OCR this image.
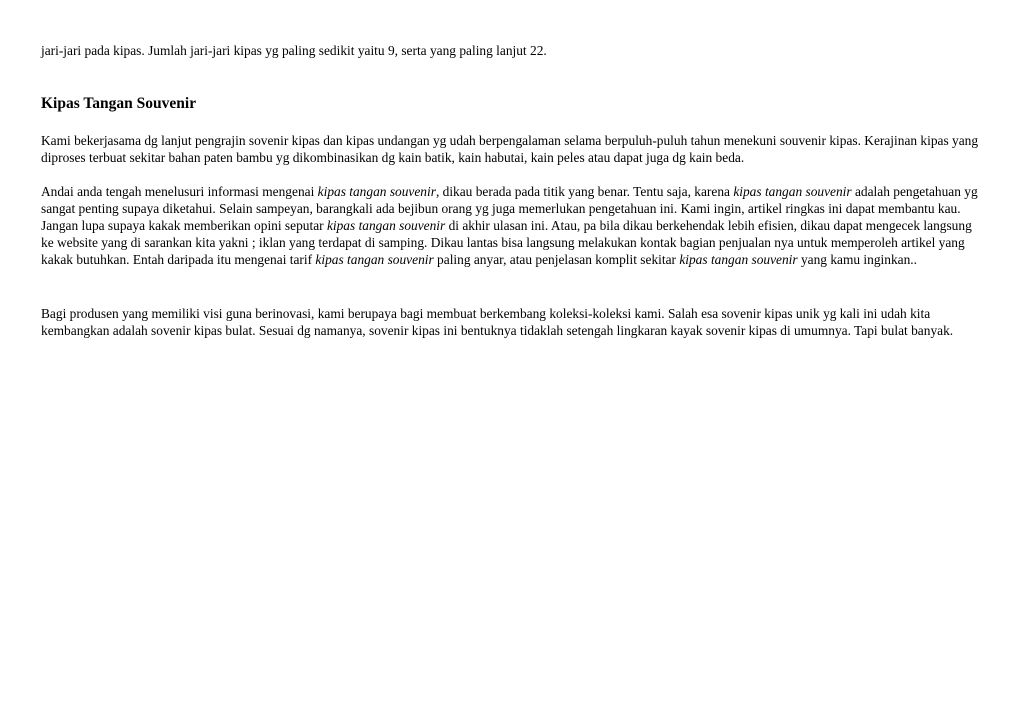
jari-jari pada kipas. Jumlah jari-jari kipas yg paling sedikit yaitu 9, serta yang paling lanjut 22.

Kipas Tangan Souvenir

Kami bekerjasama dg lanjut pengrajin sovenir kipas dan kipas undangan yg udah berpengalaman selama berpuluh-puluh tahun menekuni souvenir kipas. Kerajinan kipas yang diproses terbuat sekitar bahan paten bambu yg dikombinasikan dg kain batik, kain habutai, kain peles atau dapat juga dg kain beda.

Andai anda tengah menelusuri informasi mengenai kipas tangan souvenir, dikau berada pada titik yang benar. Tentu saja, karena kipas tangan souvenir adalah pengetahuan yg sangat penting supaya diketahui. Selain sampeyan, barangkali ada bejibun orang yg juga memerlukan pengetahuan ini. Kami ingin, artikel ringkas ini dapat membantu kau. Jangan lupa supaya kakak memberikan opini seputar kipas tangan souvenir di akhir ulasan ini. Atau, pa bila dikau berkehendak lebih efisien, dikau dapat mengecek langsung ke website yang di sarankan kita yakni ; iklan yang terdapat di samping. Dikau lantas bisa langsung melakukan kontak bagian penjualan nya untuk memperoleh artikel yang kakak butuhkan. Entah daripada itu mengenai tarif kipas tangan souvenir paling anyar, atau penjelasan komplit sekitar kipas tangan souvenir yang kamu inginkan..

Bagi produsen yang memiliki visi guna berinovasi, kami berupaya bagi membuat berkembang koleksi-koleksi kami. Salah esa sovenir kipas unik yg kali ini udah kita kembangkan adalah sovenir kipas bulat. Sesuai dg namanya, sovenir kipas ini bentuknya tidaklah setengah lingkaran kayak sovenir kipas di umumnya. Tapi bulat banyak.
